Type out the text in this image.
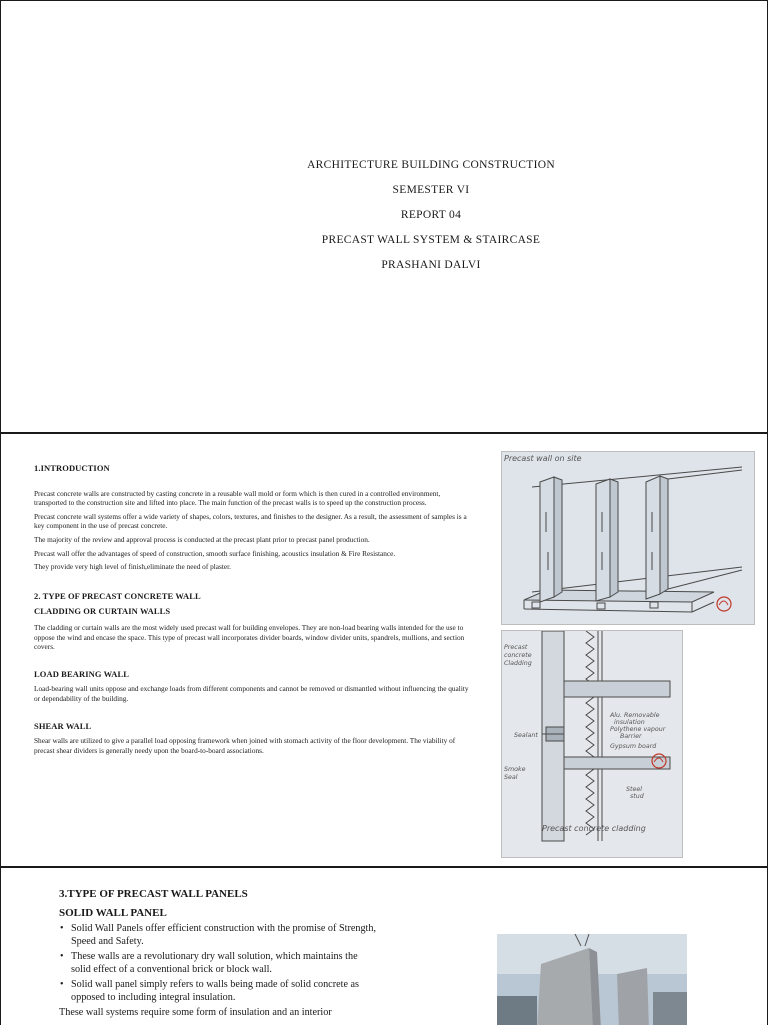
ARCHITECTURE BUILDING CONSTRUCTION
SEMESTER VI
REPORT 04
PRECAST WALL SYSTEM & STAIRCASE
PRASHANI DALVI
1.INTRODUCTION

Precast concrete walls are constructed by casting concrete in a reusable wall mold or form which is then cured in a controlled environment, transported to the construction site and lifted into place. The main function of the precast walls is to speed up the construction process.

Precast concrete wall systems offer a wide variety of shapes, colors, textures, and finishes to the designer. As a result, the assessment of samples is a key component in the use of precast concrete.

The majority of the review and approval process is conducted at the precast plant prior to precast panel production.

Precast wall offer the advantages of speed of construction, smooth surface finishing, acoustics insulation & Fire Resistance.

They provide very high level of finish,eliminate the need of plaster.

2. TYPE OF PRECAST CONCRETE WALL
CLADDING OR CURTAIN WALLS

The cladding or curtain walls are the most widely used precast wall for building envelopes. They are non-load bearing walls intended for the use to oppose the wind and encase the space. This type of precast wall incorporates divider boards, window divider units, spandrels, mullions, and section covers.

LOAD BEARING WALL

Load-bearing wall units oppose and exchange loads from different components and cannot be removed or dismantled without influencing the quality or dependability of the building.

SHEAR WALL

Shear walls are utilized to give a parallel load opposing framework when joined with stomach activity of the floor development. The viability of precast shear dividers is generally needy upon the board-to-board associations.

Precast wall on site
Precast
concrete
Cladding
Alu. Removable
insulation
Polythene vapour
Barrier
Gypsum board
Sealant
Smoke
Seal
Steel
stud
Precast concrete cladding
3.TYPE OF PRECAST WALL PANELS
SOLID WALL PANEL
• Solid Wall Panels offer efficient construction with the promise of Strength, Speed and Safety.
• These walls are a revolutionary dry wall solution, which maintains the solid effect of a conventional brick or block wall.
• Solid wall panel simply refers to walls being made of solid concrete as opposed to including integral insulation.
These wall systems require some form of insulation and an interior
